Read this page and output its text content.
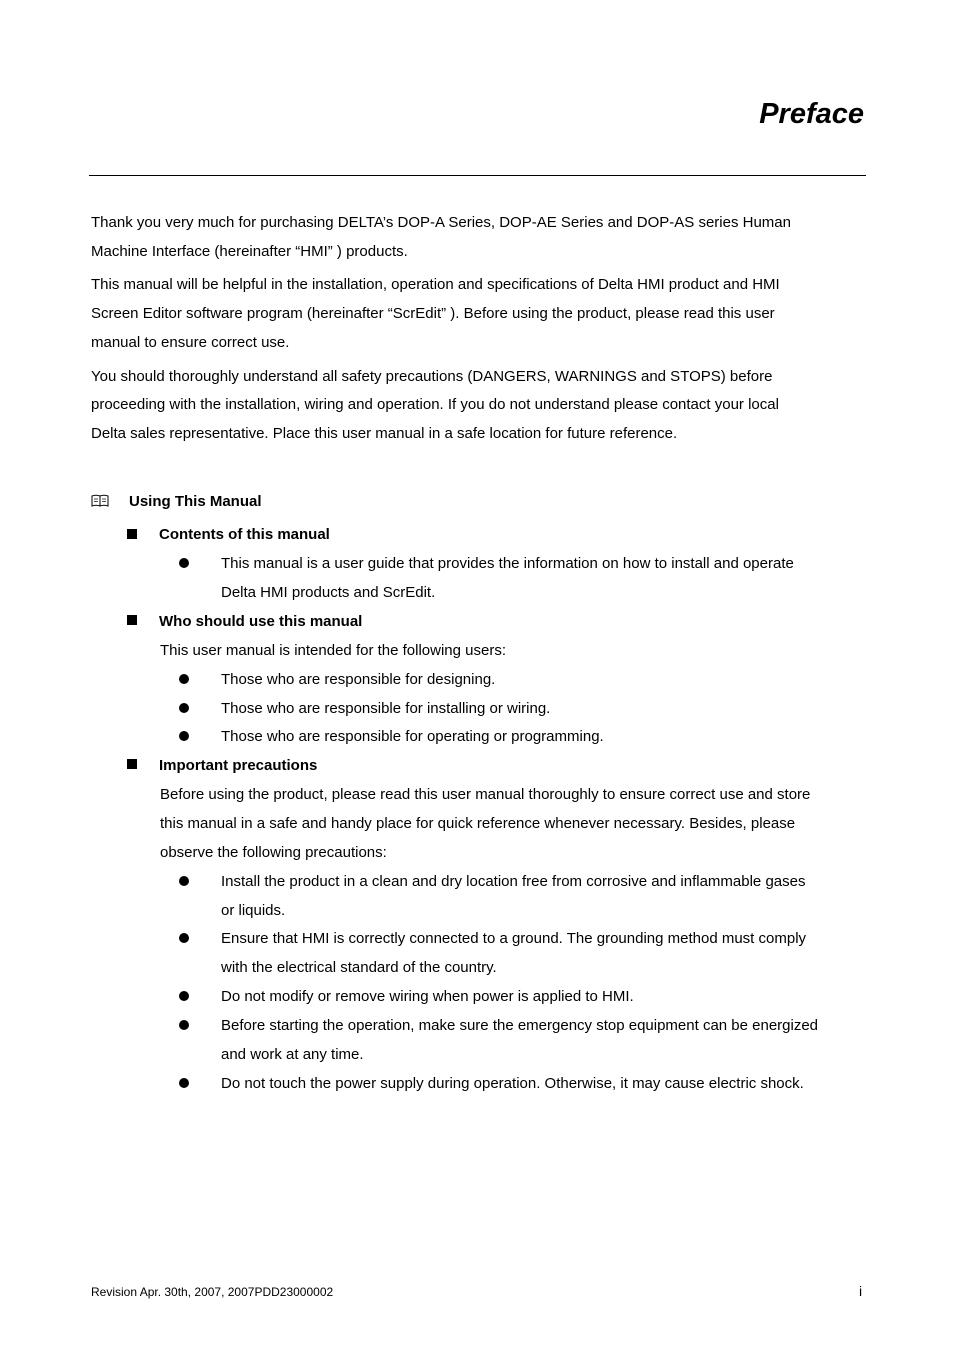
Preface
Thank you very much for purchasing DELTA’s DOP-A Series, DOP-AE Series and DOP-AS series Human
Machine Interface (hereinafter “HMI” ) products.
This manual will be helpful in the installation, operation and specifications of Delta HMI product and HMI
Screen Editor software program (hereinafter “ScrEdit” ). Before using the product, please read this user
manual to ensure correct use.
You should thoroughly understand all safety precautions (DANGERS, WARNINGS and STOPS) before
proceeding with the installation, wiring and operation. If you do not understand please contact your local
Delta sales representative. Place this user manual in a safe location for future reference.
Using This Manual
Contents of this manual
This manual is a user guide that provides the information on how to install and operate
Delta HMI products and ScrEdit.
Who should use this manual
This user manual is intended for the following users:
Those who are responsible for designing.
Those who are responsible for installing or wiring.
Those who are responsible for operating or programming.
Important precautions
Before using the product, please read this user manual thoroughly to ensure correct use and store
this manual in a safe and handy place for quick reference whenever necessary. Besides, please
observe the following precautions:
Install the product in a clean and dry location free from corrosive and inflammable gases
or liquids.
Ensure that HMI is correctly connected to a ground. The grounding method must comply
with the electrical standard of the country.
Do not modify or remove wiring when power is applied to HMI.
Before starting the operation, make sure the emergency stop equipment can be energized
and work at any time.
Do not touch the power supply during operation. Otherwise, it may cause electric shock.
Revision Apr. 30th, 2007, 2007PDD23000002	i
